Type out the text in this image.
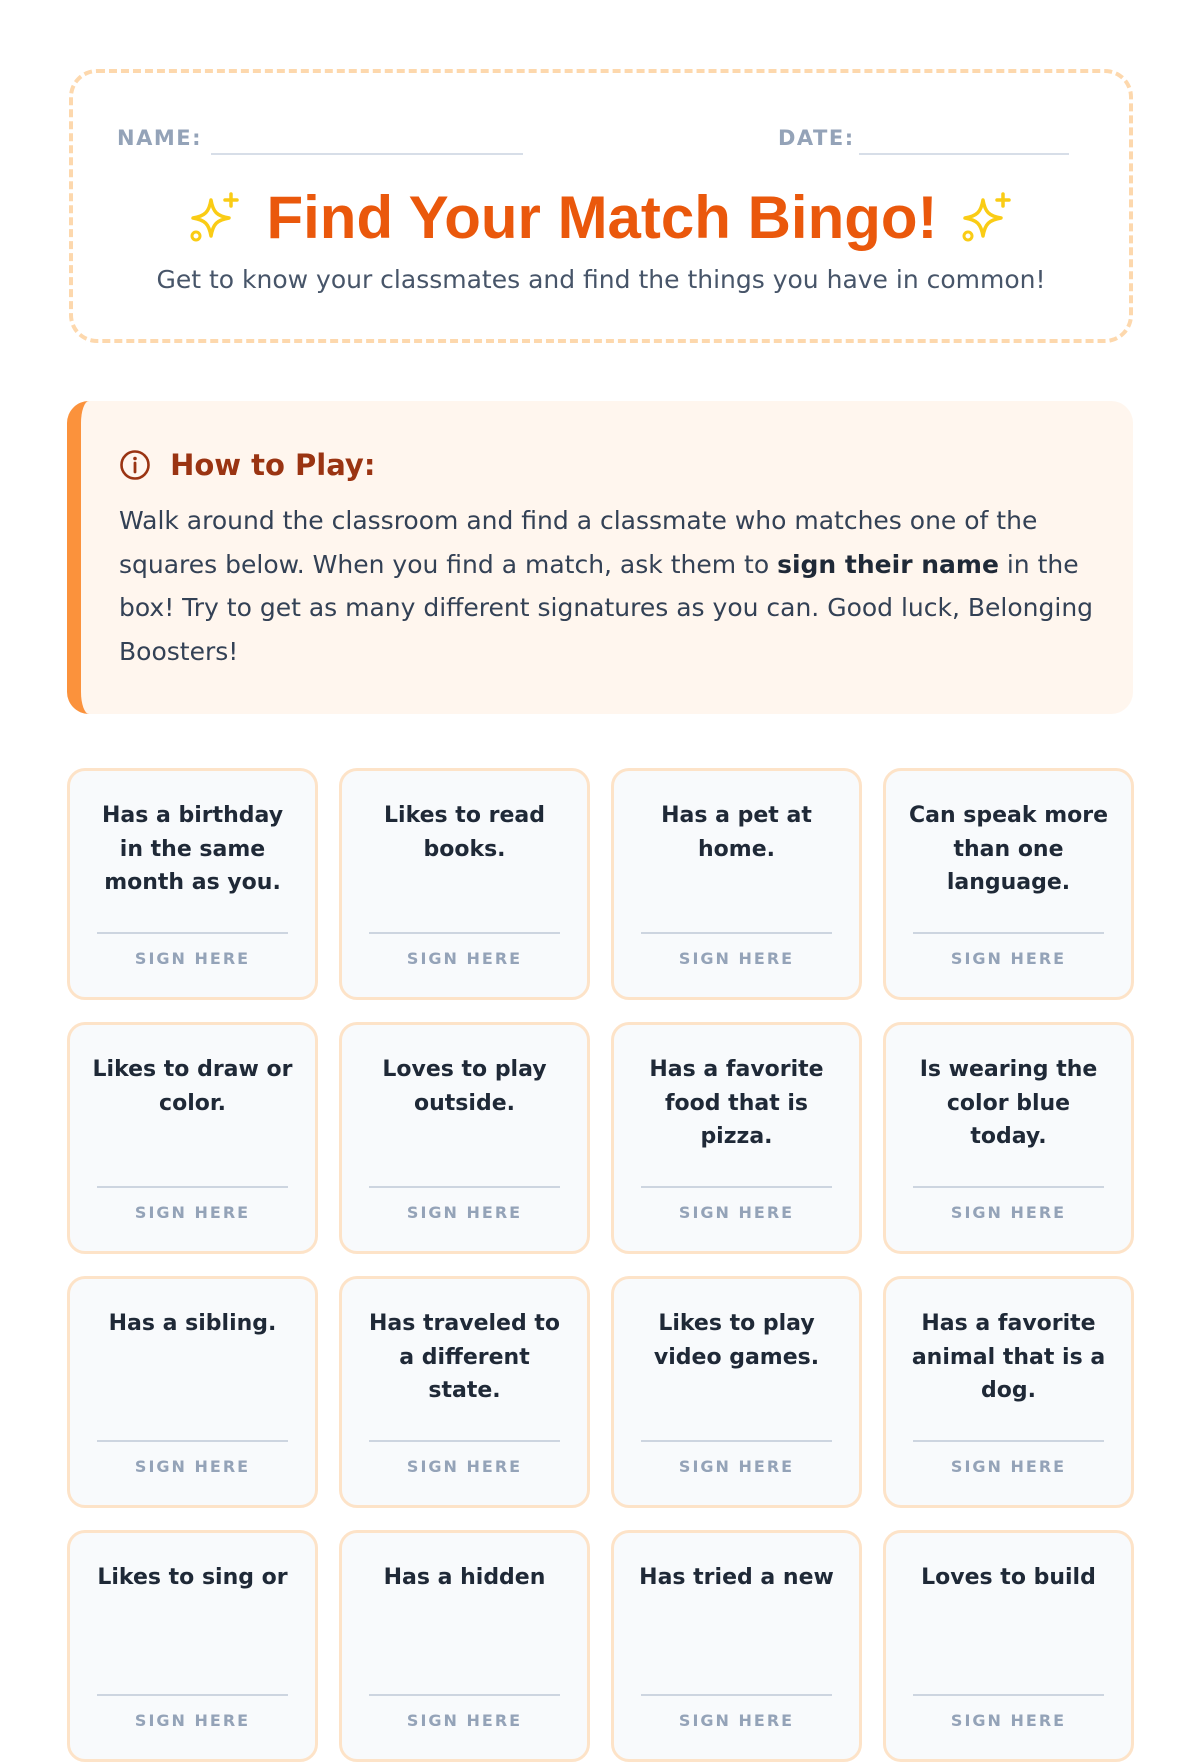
NAME:	DATE:
Find Your Match Bingo!
Get to know your classmates and find the things you have in common!
How to Play:
Walk around the classroom and find a classmate who matches one of the squares below. When you find a match, ask them to sign their name in the box! Try to get as many different signatures as you can. Good luck, Belonging Boosters!
Has a birthday in the same month as you.
SIGN HERE
Likes to read books.
SIGN HERE
Has a pet at home.
SIGN HERE
Can speak more than one language.
SIGN HERE
Likes to draw or color.
SIGN HERE
Loves to play outside.
SIGN HERE
Has a favorite food that is pizza.
SIGN HERE
Is wearing the color blue today.
SIGN HERE
Has a sibling.
SIGN HERE
Has traveled to a different state.
SIGN HERE
Likes to play video games.
SIGN HERE
Has a favorite animal that is a dog.
SIGN HERE
Likes to sing or
SIGN HERE
Has a hidden
SIGN HERE
Has tried a new
SIGN HERE
Loves to build
SIGN HERE
